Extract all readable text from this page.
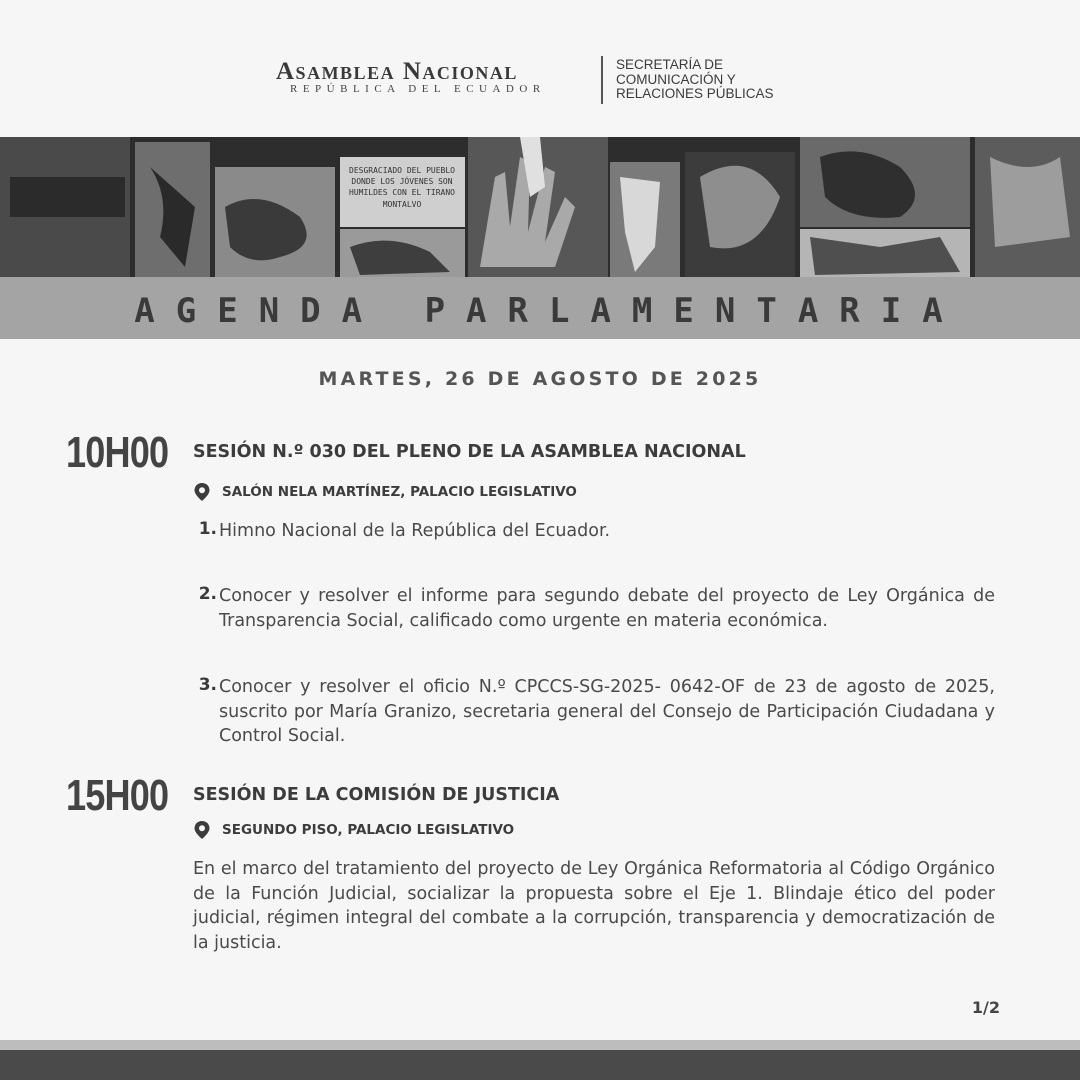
Asamblea Nacional
REPÚBLICA DEL ECUADOR
SECRETARÍA DE
COMUNICACIÓN Y
RELACIONES PÚBLICAS
DESGRACIADO DEL PUEBLO
DONDE LOS JÓVENES SON
HUMILDES CON EL TIRANO
MONTALVO
AGENDA PARLAMENTARIA
MARTES, 26 DE AGOSTO DE 2025
10H00 SESIÓN N.º 030 DEL PLENO DE LA ASAMBLEA NACIONAL
SALÓN NELA MARTÍNEZ, PALACIO LEGISLATIVO
1. Himno Nacional de la República del Ecuador.
2. Conocer y resolver el informe para segundo debate del proyecto de Ley Orgánica de Transparencia Social, calificado como urgente en materia económica.
3. Conocer y resolver el oficio N.º CPCCS-SG-2025- 0642-OF de 23 de agosto de 2025, suscrito por María Granizo, secretaria general del Consejo de Participación Ciudadana y Control Social.
15H00 SESIÓN DE LA COMISIÓN DE JUSTICIA
SEGUNDO PISO, PALACIO LEGISLATIVO
En el marco del tratamiento del proyecto de Ley Orgánica Reformatoria al Código Orgánico de la Función Judicial, socializar la propuesta sobre el Eje 1. Blindaje ético del poder judicial, régimen integral del combate a la corrupción, transparencia y democratización de la justicia.
1/2
